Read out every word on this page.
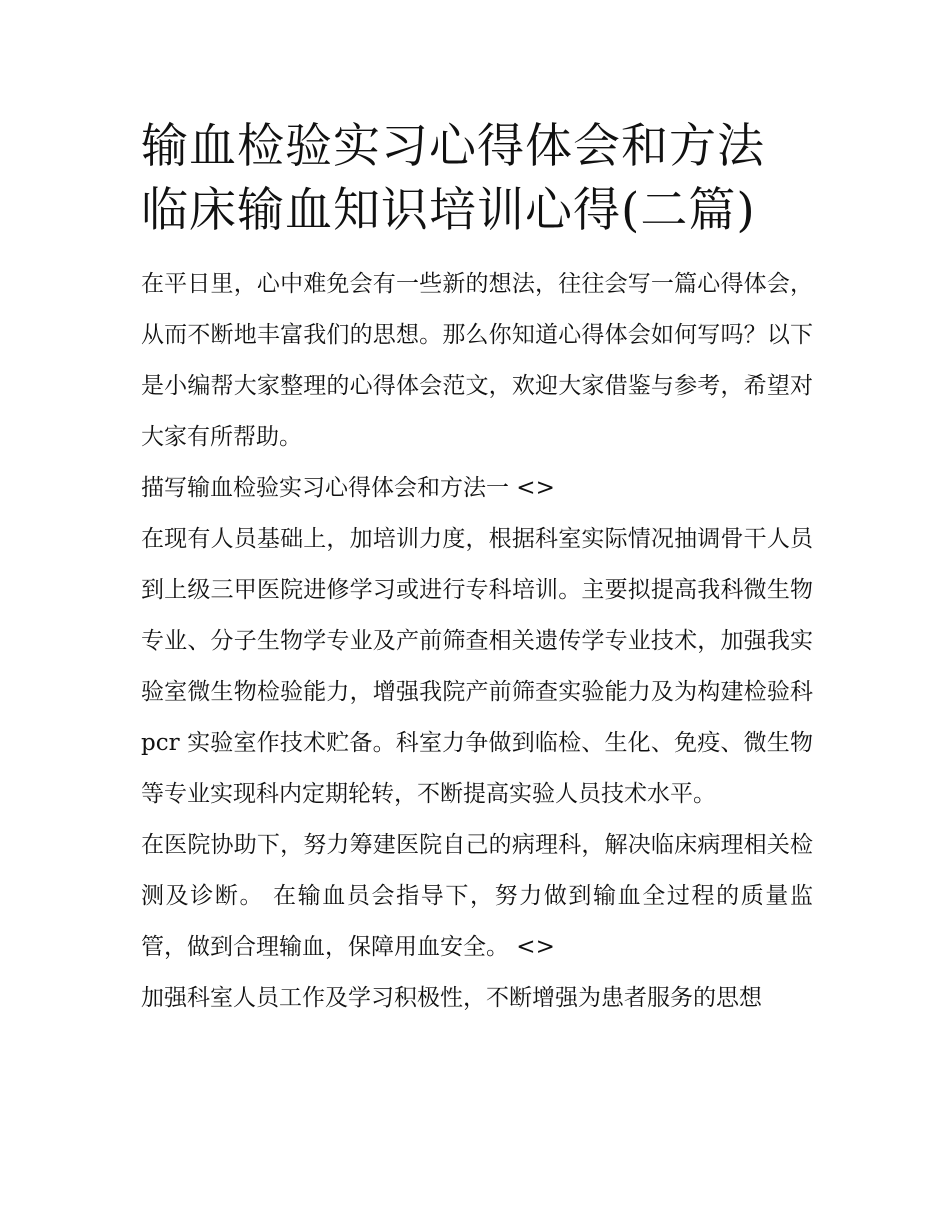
输血检验实习心得体会和方法
临床输血知识培训心得(二篇)

在平日里，心中难免会有一些新的想法，往往会写一篇心得体会，从而不断地丰富我们的思想。那么你知道心得体会如何写吗？以下是小编帮大家整理的心得体会范文，欢迎大家借鉴与参考，希望对大家有所帮助。

描写输血检验实习心得体会和方法一 <>

在现有人员基础上，加培训力度，根据科室实际情况抽调骨干人员到上级三甲医院进修学习或进行专科培训。主要拟提高我科微生物专业、分子生物学专业及产前筛查相关遗传学专业技术，加强我实验室微生物检验能力，增强我院产前筛查实验能力及为构建检验科 pcr 实验室作技术贮备。科室力争做到临检、生化、免疫、微生物等专业实现科内定期轮转，不断提高实验人员技术水平。

在医院协助下，努力筹建医院自己的病理科，解决临床病理相关检测及诊断。 在输血员会指导下，努力做到输血全过程的质量监管，做到合理输血，保障用血安全。 <>

加强科室人员工作及学习积极性，不断增强为患者服务的思想
